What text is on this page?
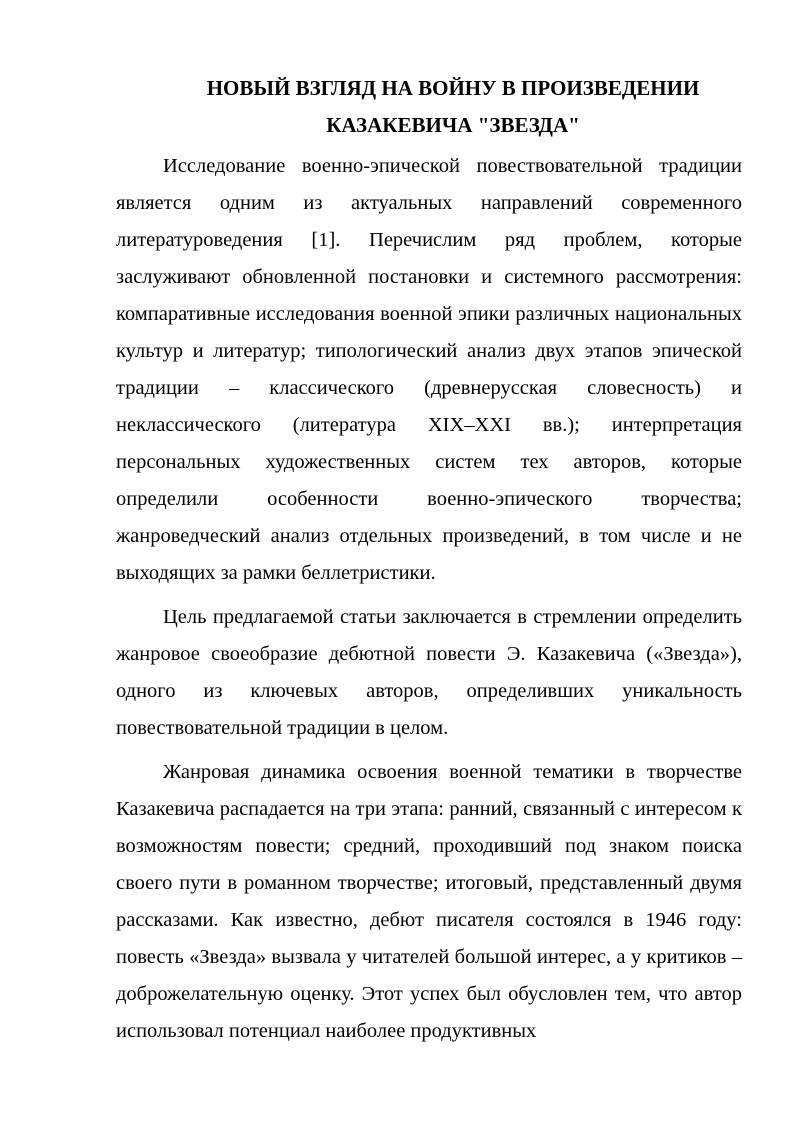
НОВЫЙ ВЗГЛЯД НА ВОЙНУ В ПРОИЗВЕДЕНИИ
КАЗАКЕВИЧА "ЗВЕЗДА"

Исследование военно-эпической повествовательной традиции является одним из актуальных направлений современного литературоведения [1]. Перечислим ряд проблем, которые заслуживают обновленной постановки и системного рассмотрения: компаративные исследования военной эпики различных национальных культур и литератур; типологический анализ двух этапов эпической традиции – классического (древнерусская словесность) и неклассического (литература XIX–XXI вв.); интерпретация персональных художественных систем тех авторов, которые определили особенности военно-эпического творчества; жанроведческий анализ отдельных произведений, в том числе и не выходящих за рамки беллетристики.

Цель предлагаемой статьи заключается в стремлении определить жанровое своеобразие дебютной повести Э. Казакевича («Звезда»), одного из ключевых авторов, определивших уникальность повествовательной традиции в целом.

Жанровая динамика освоения военной тематики в творчестве Казакевича распадается на три этапа: ранний, связанный с интересом к возможностям повести; средний, проходивший под знаком поиска своего пути в романном творчестве; итоговый, представленный двумя рассказами. Как известно, дебют писателя состоялся в 1946 году: повесть «Звезда» вызвала у читателей большой интерес, а у критиков – доброжелательную оценку. Этот успех был обусловлен тем, что автор использовал потенциал наиболее продуктивных
